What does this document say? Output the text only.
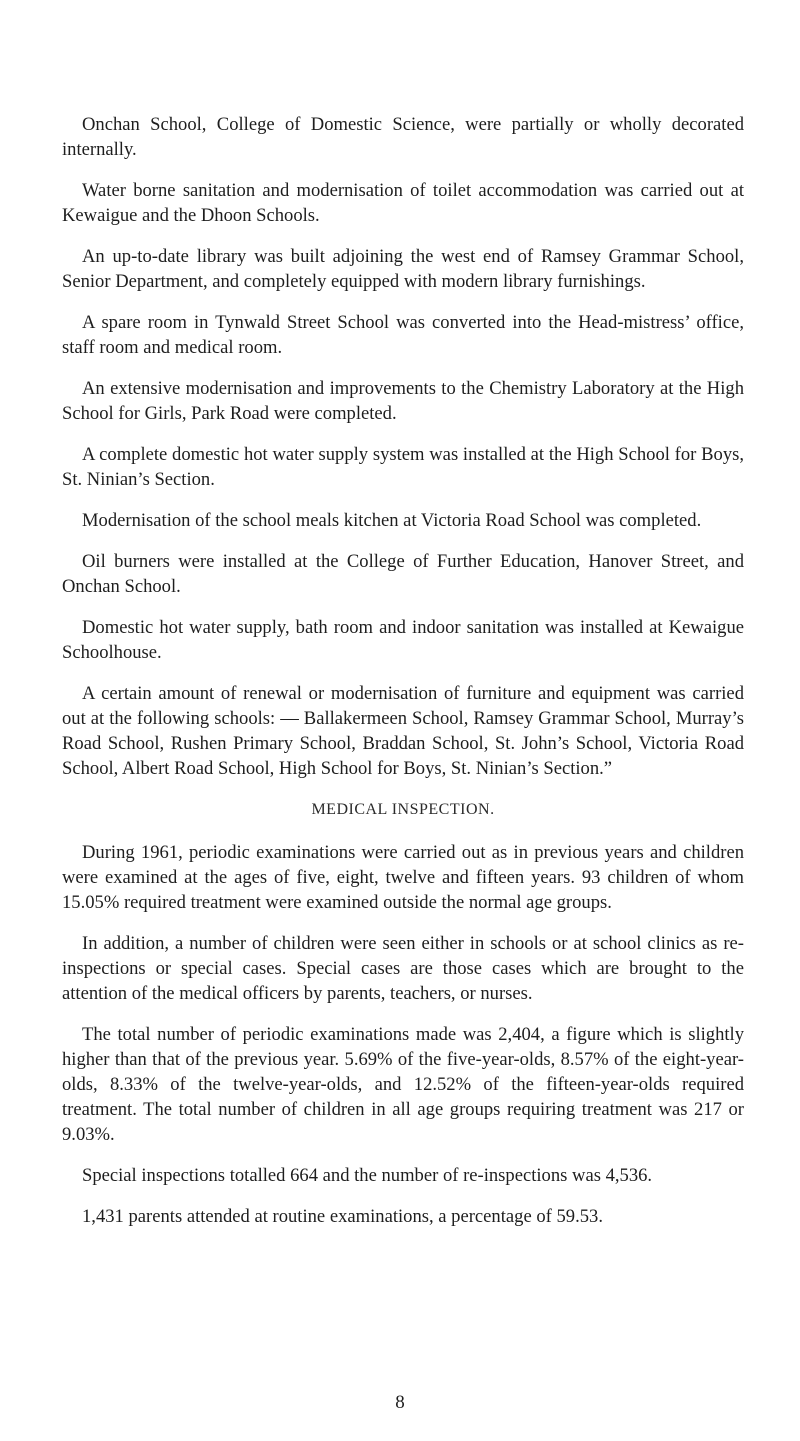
Onchan School, College of Domestic Science, were partially or wholly decorated internally.

Water borne sanitation and modernisation of toilet accommodation was carried out at Kewaigue and the Dhoon Schools.

An up-to-date library was built adjoining the west end of Ramsey Grammar School, Senior Department, and completely equipped with modern library furnishings.

A spare room in Tynwald Street School was converted into the Head-mistress’ office, staff room and medical room.

An extensive modernisation and improvements to the Chemistry Laboratory at the High School for Girls, Park Road were completed.

A complete domestic hot water supply system was installed at the High School for Boys, St. Ninian’s Section.

Modernisation of the school meals kitchen at Victoria Road School was completed.

Oil burners were installed at the College of Further Education, Hanover Street, and Onchan School.

Domestic hot water supply, bath room and indoor sanitation was installed at Kewaigue Schoolhouse.

A certain amount of renewal or modernisation of furniture and equipment was carried out at the following schools: — Ballakermeen School, Ramsey Grammar School, Murray’s Road School, Rushen Primary School, Braddan School, St. John’s School, Victoria Road School, Albert Road School, High School for Boys, St. Ninian’s Section.”

MEDICAL INSPECTION.

During 1961, periodic examinations were carried out as in previous years and children were examined at the ages of five, eight, twelve and fifteen years. 93 children of whom 15.05% required treatment were examined outside the normal age groups.

In addition, a number of children were seen either in schools or at school clinics as re-inspections or special cases. Special cases are those cases which are brought to the attention of the medical officers by parents, teachers, or nurses.

The total number of periodic examinations made was 2,404, a figure which is slightly higher than that of the previous year. 5.69% of the five-year-olds, 8.57% of the eight-year-olds, 8.33% of the twelve-year-olds, and 12.52% of the fifteen-year-olds required treatment. The total number of children in all age groups requiring treatment was 217 or 9.03%.

Special inspections totalled 664 and the number of re-inspections was 4,536.

1,431 parents attended at routine examinations, a percentage of 59.53.

8
